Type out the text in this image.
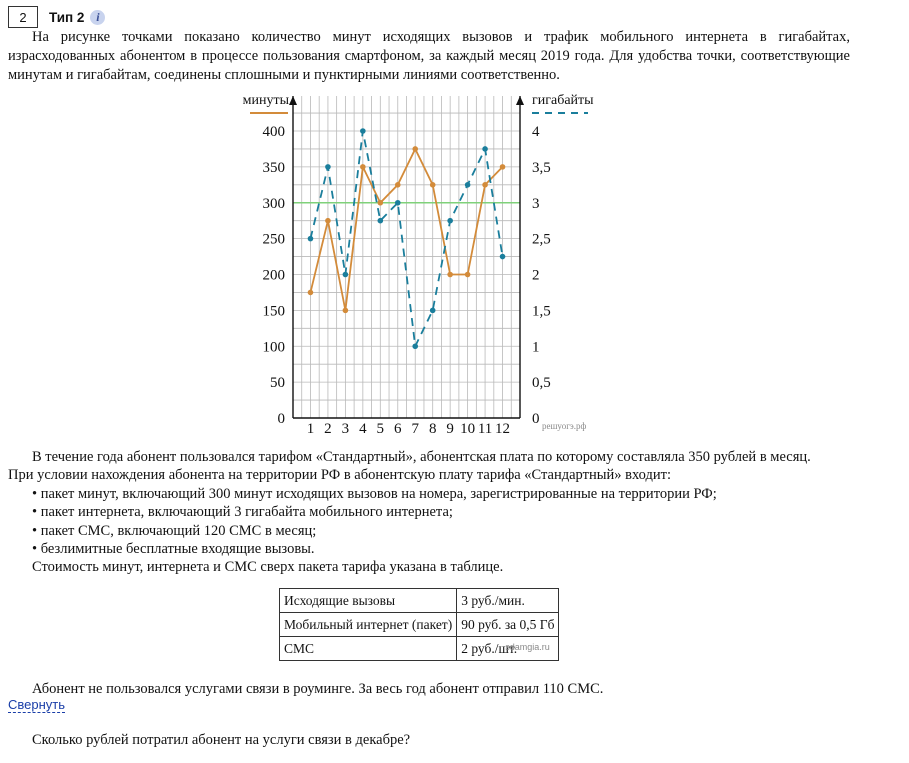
2	Тип 2 i

На рисунке точками показано количество минут исходящих вызовов и трафик мобильного интернета в гигабайтах, израсходованных абонентом в процессе пользования смартфоном, за каждый месяц 2019 года. Для удобства точки, соответствующие минутам и гигабайтам, соединены сплошными и пунктирными линиями соответственно.

минуты	гигабайты
0
50
100
150
200
250
300
350
400
0
0,5
1
1,5
2
2,5
3
3,5
4
1 2 3 4 5 6 7 8 9 10 11 12	решуогэ.рф

В течение года абонент пользовался тарифом «Стандартный», абонентская плата по которому составляла 350 рублей в месяц.

При условии нахождения абонента на территории РФ в абонентскую плату тарифа «Стандартный» входит:

• пакет минут, включающий 300 минут исходящих вызовов на номера, зарегистрированные на территории РФ;

• пакет интернета, включающий 3 гигабайта мобильного интернета;

• пакет СМС, включающий 120 СМС в месяц;

• безлимитные бесплатные входящие вызовы.

Стоимость минут, интернета и СМС сверх пакета тарифа указана в таблице.

Исходящие вызовы	3 руб./мин.
Мобильный интернет (пакет)	90 руб. за 0,5 Гб
СМС	2 руб./шт.
sdamgia.ru
Абонент не пользовался услугами связи в роуминге. За весь год абонент отправил 110 СМС.
Свернуть
Сколько рублей потратил абонент на услуги связи в декабре?
